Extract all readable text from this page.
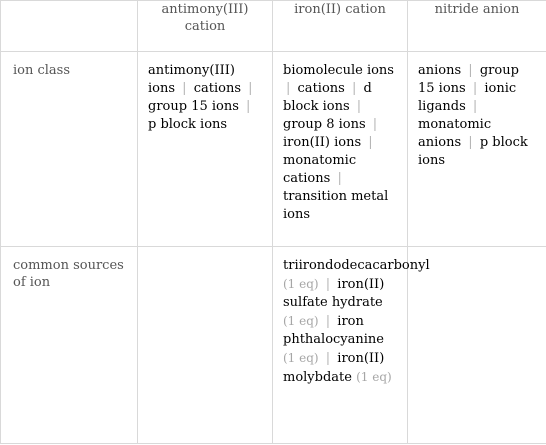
	antimony(III) cation	iron(II) cation	nitride anion

ion class	antimony(III) ions | cations | group 15 ions | p block ions	biomolecule ions | cations | d block ions | group 8 ions | iron(II) ions | monatomic cations | transition metal ions	anions | group 15 ions | ionic ligands | monatomic anions | p block ions

common sources of ion		triirondodecacarbonyl (1 eq) | iron(II) sulfate hydrate (1 eq) | iron phthalocyanine (1 eq) | iron(II) molybdate (1 eq)	
